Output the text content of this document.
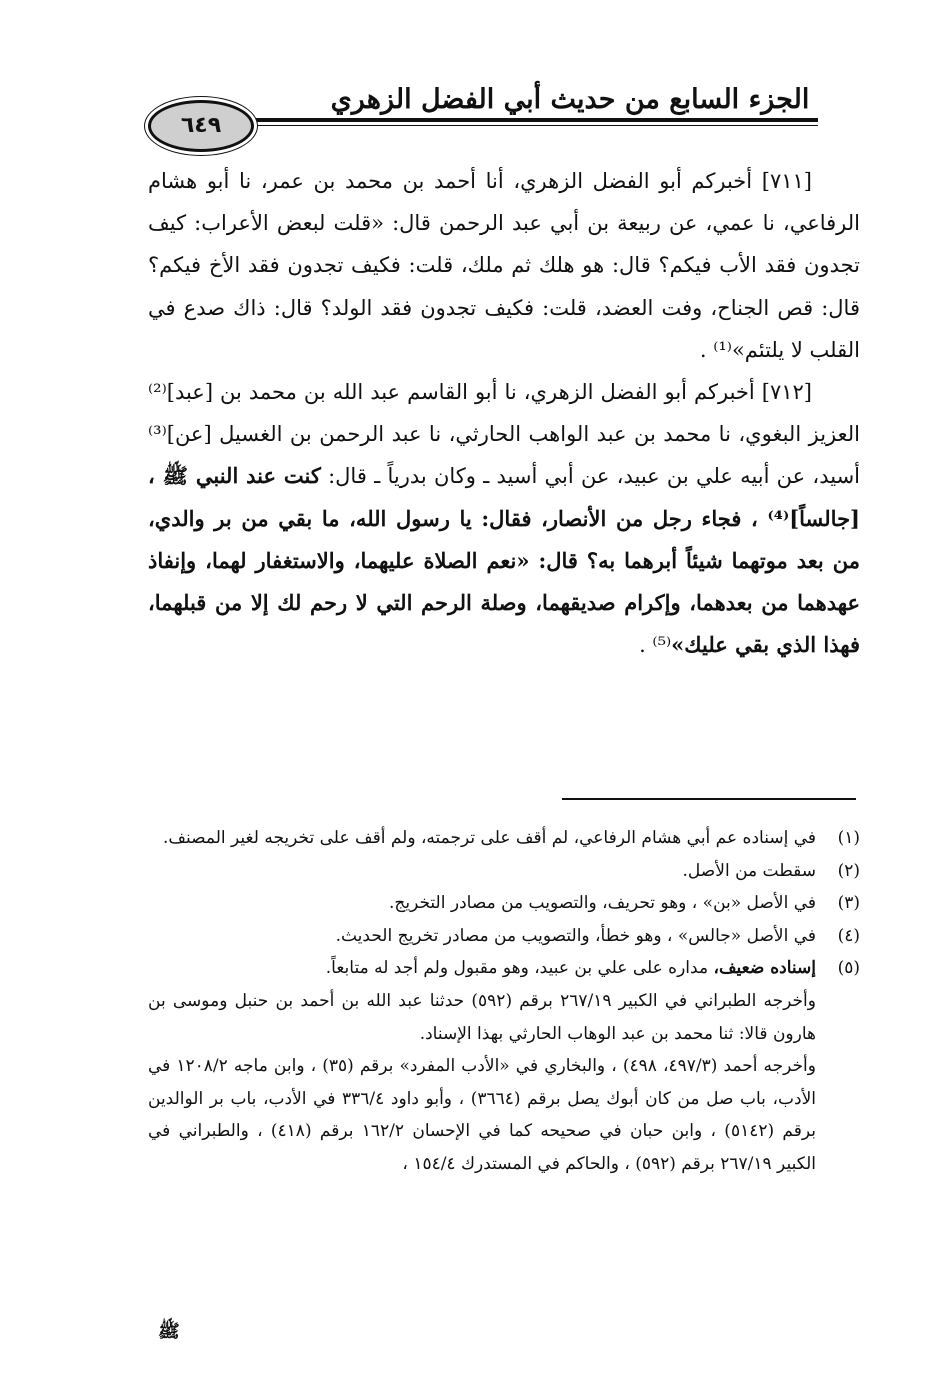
الجزء السابع من حديث أبي الفضل الزهري
٦٤٩

[٧١١] أخبركم أبو الفضل الزهري، أنا أحمد بن محمد بن عمر، نا أبو هشام الرفاعي، نا عمي، عن ربيعة بن أبي عبد الرحمن قال: «قلت لبعض الأعراب: كيف تجدون فقد الأب فيكم؟ قال: هو هلك ثم ملك، قلت: فكيف تجدون فقد الأخ فيكم؟ قال: قص الجناح، وفت العضد، قلت: فكيف تجدون فقد الولد؟ قال: ذاك صدع في القلب لا يلتئم»⁽¹⁾ .

[٧١٢] أخبركم أبو الفضل الزهري، نا أبو القاسم عبد الله بن محمد بن [عبد]⁽²⁾ العزيز البغوي، نا محمد بن عبد الواهب الحارثي، نا عبد الرحمن بن الغسيل [عن]⁽³⁾ أسيد، عن أبيه علي بن عبيد، عن أبي أسيد ـ وكان بدرياً ـ قال: كنت عند النبي ﷺ ، [جالساً]⁽⁴⁾ ، فجاء رجل من الأنصار، فقال: يا رسول الله، ما بقي من بر والدي، من بعد موتهما شيئاً أبرهما به؟ قال: «نعم الصلاة عليهما، والاستغفار لهما، وإنفاذ عهدهما من بعدهما، وإكرام صديقهما، وصلة الرحم التي لا رحم لك إلا من قبلهما، فهذا الذي بقي عليك»⁽⁵⁾ .

(١)
في إسناده عم أبي هشام الرفاعي، لم أقف على ترجمته، ولم أقف على تخريجه لغير المصنف.
(٢)
سقطت من الأصل.
(٣)
في الأصل «بن» ، وهو تحريف، والتصويب من مصادر التخريج.
(٤)
في الأصل «جالس» ، وهو خطأ، والتصويب من مصادر تخريج الحديث.
(٥)
إسناده ضعيف، مداره على علي بن عبيد، وهو مقبول ولم أجد له متابعاً.
وأخرجه الطبراني في الكبير ٢٦٧/١٩ برقم (٥٩٢) حدثنا عبد الله بن أحمد بن حنبل وموسى بن هارون قالا: ثنا محمد بن عبد الوهاب الحارثي بهذا الإسناد.
وأخرجه أحمد (٤٩٧/٣، ٤٩٨) ، والبخاري في «الأدب المفرد» برقم (٣٥) ، وابن ماجه ١٢٠٨/٢ في الأدب، باب صل من كان أبوك يصل برقم (٣٦٦٤) ، وأبو داود ٣٣٦/٤ في الأدب، باب بر الوالدين برقم (٥١٤٢) ، وابن حبان في صحيحه كما في الإحسان ١٦٢/٢ برقم (٤١٨) ، والطبراني في الكبير ٢٦٧/١٩ برقم (٥٩٢) ، والحاكم في المستدرك ١٥٤/٤ ،
ﷺ
